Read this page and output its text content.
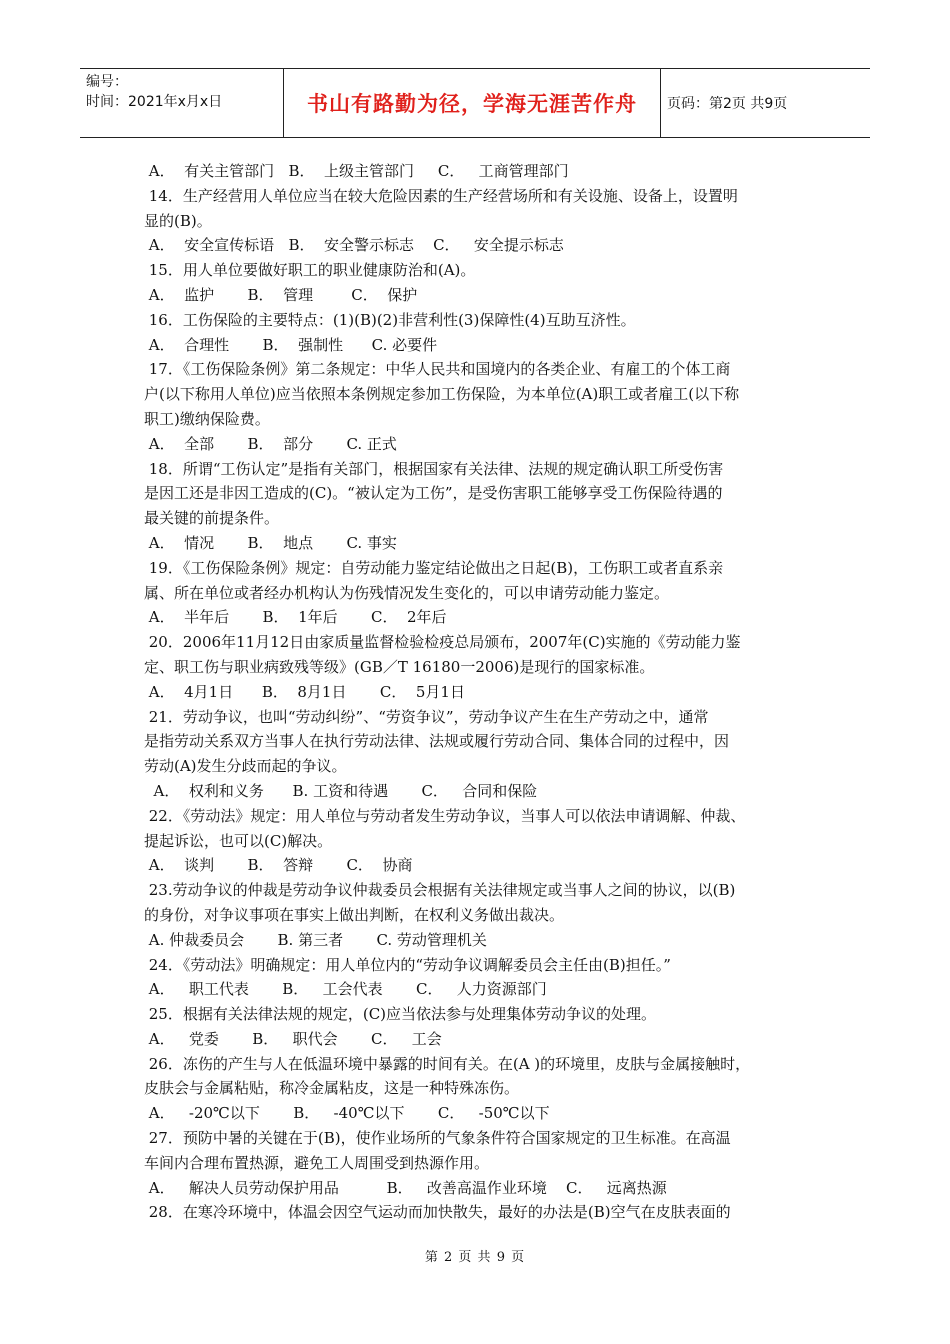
编号：
时间：2021年x月x日	书山有路勤为径，学海无涯苦作舟 页码：第2页 共9页
A．  有关主管部门   B．  上级主管部门     C．   工商管理部门
14．生产经营用人单位应当在较大危险因素的生产经营场所和有关设施、设备上，设置明
显的(B)。
A．  安全宣传标语   B．  安全警示标志    C．   安全提示标志
15．用人单位要做好职工的职业健康防治和(A)。
A．  监护       B．  管理        C．  保护
16．工伤保险的主要特点：(1)(B)(2)非营利性(3)保障性(4)互助互济性。
A．  合理性       B．  强制性      C. 必要件
17．《工伤保险条例》第二条规定：中华人民共和国境内的各类企业、有雇工的个体工商
户(以下称用人单位)应当依照本条例规定参加工伤保险，为本单位(A)职工或者雇工(以下称
职工)缴纳保险费。
A．  全部       B．  部分       C. 正式
18．所谓“工伤认定”是指有关部门，根据国家有关法律、法规的规定确认职工所受伤害
是因工还是非因工造成的(C)。“被认定为工伤”，是受伤害职工能够享受工伤保险待遇的
最关键的前提条件。
A．  情况       B．  地点       C. 事实
19．《工伤保险条例》规定：自劳动能力鉴定结论做出之日起(B)，工伤职工或者直系亲
属、所在单位或者经办机构认为伤残情况发生变化的，可以申请劳动能力鉴定。
A．  半年后       B．  1年后       C．  2年后
20．2006年11月12日由家质量监督检验检疫总局颁布，2007年(C)实施的《劳动能力鉴
定、职工伤与职业病致残等级》(GB／T 16180一2006)是现行的国家标准。
A．  4月1日      B．  8月1日       C．  5月1日
21．劳动争议，也叫“劳动纠纷”、“劳资争议”，劳动争议产生在生产劳动之中，通常
是指劳动关系双方当事人在执行劳动法律、法规或履行劳动合同、集体合同的过程中，因
劳动(A)发生分歧而起的争议。
A．  权利和义务      B. 工资和待遇       C．   合同和保险
22．《劳动法》规定：用人单位与劳动者发生劳动争议，当事人可以依法申请调解、仲裁、
提起诉讼，也可以(C)解决。
A．  谈判       B．  答辩       C．  协商
23.劳动争议的仲裁是劳动争议仲裁委员会根据有关法律规定或当事人之间的协议，以(B)
的身份，对争议事项在事实上做出判断，在权利义务做出裁决。
A. 仲裁委员会       B. 第三者       C. 劳动管理机关
24．《劳动法》明确规定：用人单位内的“劳动争议调解委员会主任由(B)担任。”
A．   职工代表       B．   工会代表       C．   人力资源部门
25．根据有关法律法规的规定，(C)应当依法参与处理集体劳动争议的处理。
A．   党委       B．   职代会       C．   工会
26．冻伤的产生与人在低温环境中暴露的时间有关。在(A )的环境里，皮肤与金属接触时，
皮肤会与金属粘贴，称冷金属粘皮，这是一种特殊冻伤。
A．   -20℃以下       B．   -40℃以下       C．   -50℃以下
27．预防中暑的关键在于(B)，使作业场所的气象条件符合国家规定的卫生标准。在高温
车间内合理布置热源，避免工人周围受到热源作用。
A．   解决人员劳动保护用品          B．   改善高温作业环境    C．   远离热源
28．在寒冷环境中，体温会因空气运动而加快散失，最好的办法是(B)空气在皮肤表面的
第 2 页 共 9 页
